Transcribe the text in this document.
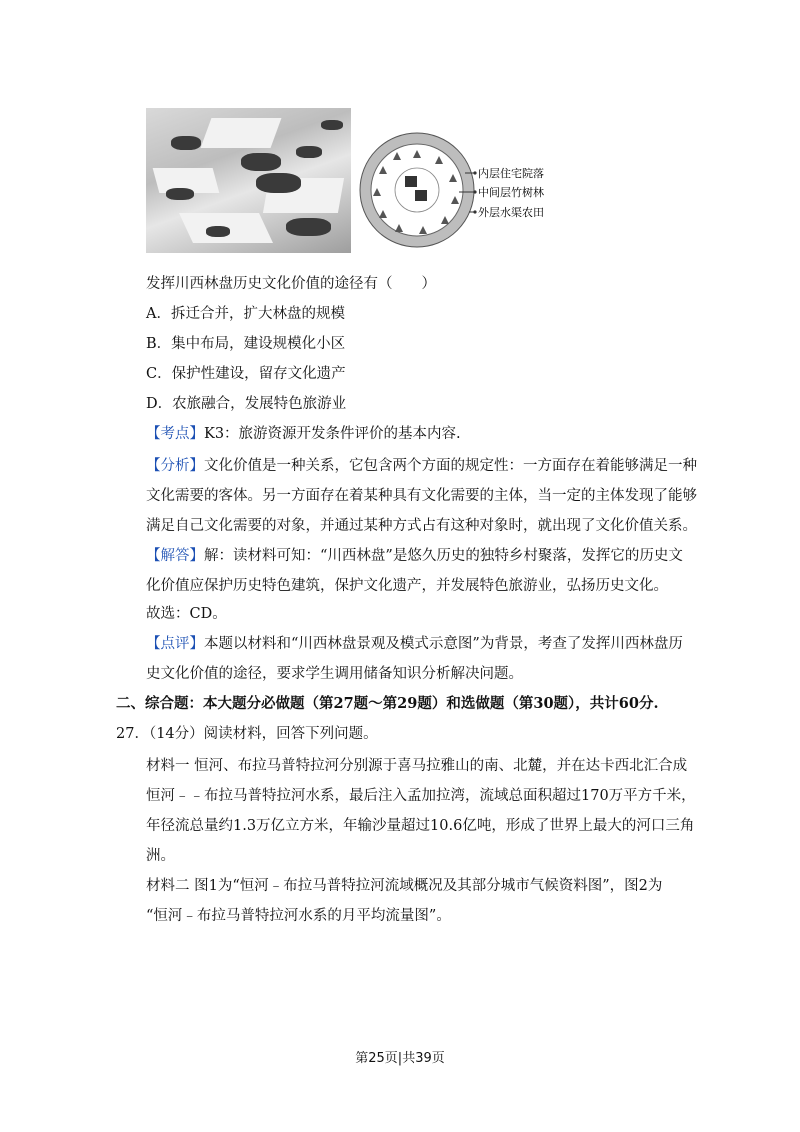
内层住宅院落
中间层竹树林
外层水渠农田
发挥川西林盘历史文化价值的途径有（　　）
A．拆迁合并，扩大林盘的规模
B．集中布局，建设规模化小区
C．保护性建设，留存文化遗产
D．农旅融合，发展特色旅游业
【考点】K3：旅游资源开发条件评价的基本内容.
【分析】文化价值是一种关系，它包含两个方面的规定性：一方面存在着能够满足一种
文化需要的客体。另一方面存在着某种具有文化需要的主体，当一定的主体发现了能够
满足自己文化需要的对象，并通过某种方式占有这种对象时，就出现了文化价值关系。
【解答】解：读材料可知：“川西林盘”是悠久历史的独特乡村聚落，发挥它的历史文
化价值应保护历史特色建筑，保护文化遗产，并发展特色旅游业，弘扬历史文化。
故选：CD。
【点评】本题以材料和“川西林盘景观及模式示意图”为背景，考查了发挥川西林盘历
史文化价值的途径，要求学生调用储备知识分析解决问题。
二、综合题：本大题分必做题（第27题～第29题）和选做题（第30题），共计60分.
27．（14分）阅读材料，回答下列问题。
材料一 恒河、布拉马普特拉河分别源于喜马拉雅山的南、北麓，并在达卡西北汇合成
恒河﹣﹣布拉马普特拉河水系，最后注入孟加拉湾，流域总面积超过170万平方千米，
年径流总量约1.3万亿立方米，年输沙量超过10.6亿吨，形成了世界上最大的河口三角
洲。
材料二 图1为“恒河﹣布拉马普特拉河流域概况及其部分城市气候资料图”，图2为
“恒河﹣布拉马普特拉河水系的月平均流量图”。
第25页|共39页
